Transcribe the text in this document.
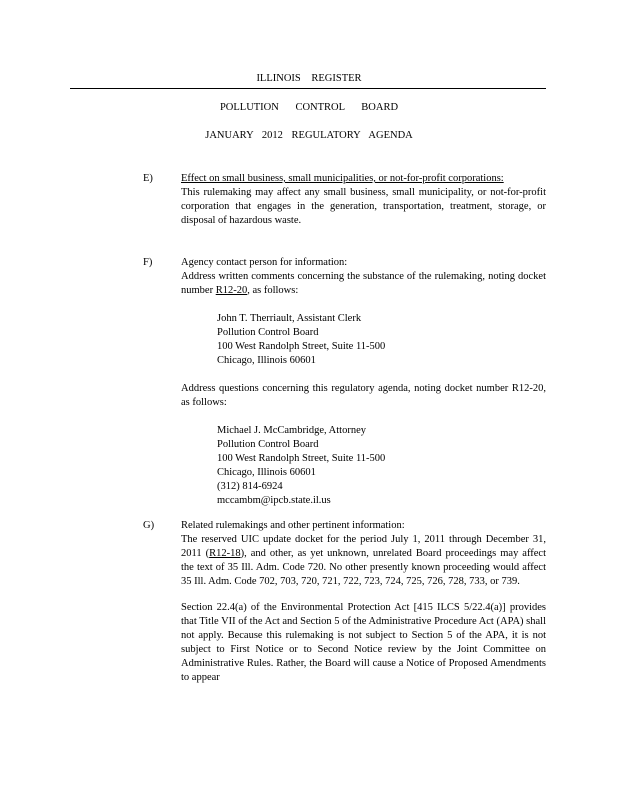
ILLINOIS REGISTER
POLLUTION CONTROL BOARD
JANUARY 2012 REGULATORY AGENDA
E)	Effect on small business, small municipalities, or not-for-profit corporations:

This rulemaking may affect any small business, small municipality, or not-for-profit corporation that engages in the generation, transportation, treatment, storage, or disposal of hazardous waste.

F)	Agency contact person for information:

Address written comments concerning the substance of the rulemaking, noting docket number R12-20, as follows:

John T. Therriault, Assistant Clerk

Pollution Control Board

100 West Randolph Street, Suite 11-500

Chicago, Illinois 60601

Address questions concerning this regulatory agenda, noting docket number R12-20, as follows:

Michael J. McCambridge, Attorney

Pollution Control Board

100 West Randolph Street, Suite 11-500

Chicago, Illinois 60601

(312) 814-6924

mccambm@ipcb.state.il.us

G)	Related rulemakings and other pertinent information:

The reserved UIC update docket for the period July 1, 2011 through December 31, 2011 (R12-18), and other, as yet unknown, unrelated Board proceedings may affect the text of 35 Ill. Adm. Code 720. No other presently known proceeding would affect 35 Ill. Adm. Code 702, 703, 720, 721, 722, 723, 724, 725, 726, 728, 733, or 739.

Section 22.4(a) of the Environmental Protection Act [415 ILCS 5/22.4(a)] provides that Title VII of the Act and Section 5 of the Administrative Procedure Act (APA) shall not apply. Because this rulemaking is not subject to Section 5 of the APA, it is not subject to First Notice or to Second Notice review by the Joint Committee on Administrative Rules. Rather, the Board will cause a Notice of Proposed Amendments to appear
